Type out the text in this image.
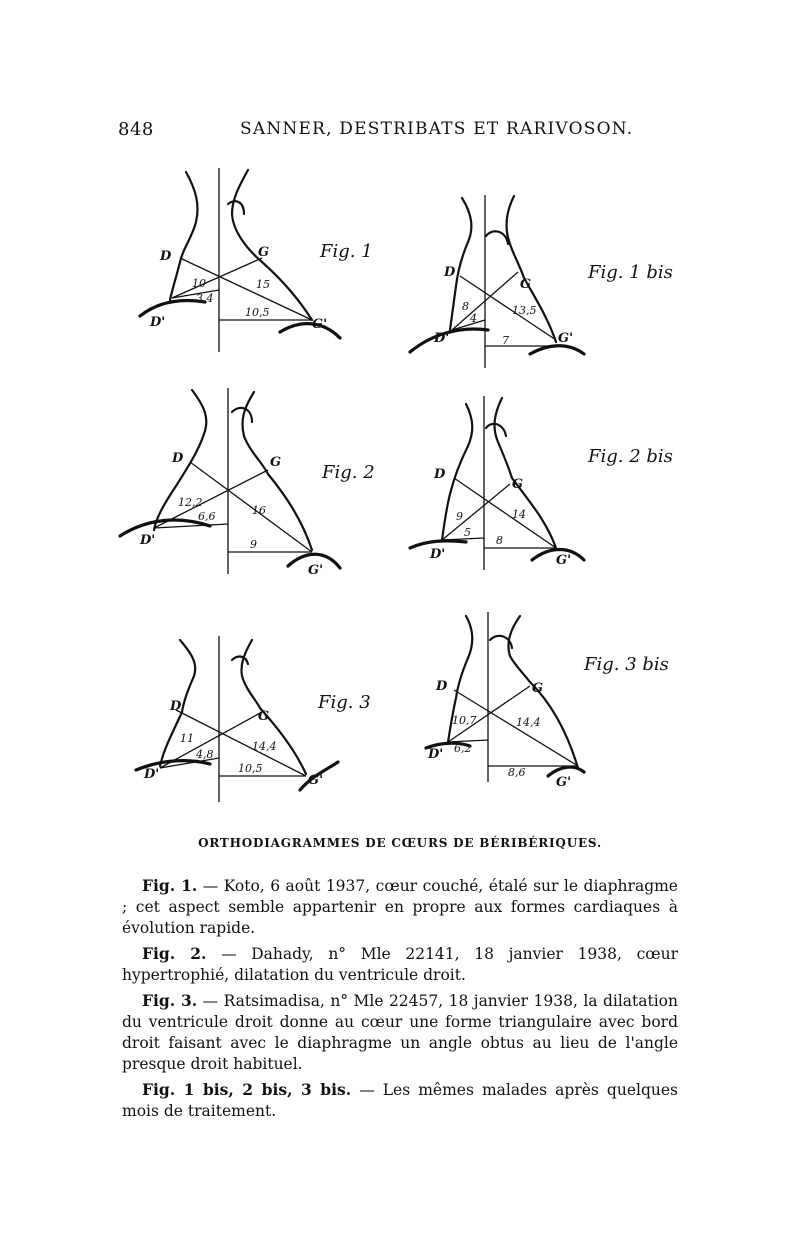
848	SANNER, DESTRIBATS ET RARIVOSON.
D	G
D'	G'
10
3,4
15
10,5
Fig. 1
D
G
D'	G'
8
4
13,5
7
Fig. 1 bis
D	G
D'
G'
12,2
6,6	16
9
Fig. 2	D
G
D'	G'
9
5
14
8
Fig. 2 bis
D
G
D'	G'
11
4,8
14,4
10,5
Fig. 3
D	G
D'
G'
10,7
6,2
14,4
8,6
Fig. 3 bis
ORTHODIAGRAMMES DE CŒURS DE BÉRIBÉRIQUES.

Fig. 1. — Koto, 6 août 1937, cœur couché, étalé sur le diaphragme ; cet aspect semble appartenir en propre aux formes cardiaques à évolution rapide.

Fig. 2. — Dahady, n° Mle 22141, 18 janvier 1938, cœur hypertrophié, dilatation du ventricule droit.

Fig. 3. — Ratsimadisa, n° Mle 22457, 18 janvier 1938, la dilatation du ventricule droit donne au cœur une forme triangulaire avec bord droit faisant avec le diaphragme un angle obtus au lieu de l'angle presque droit habituel.

Fig. 1 bis, 2 bis, 3 bis. — Les mêmes malades après quelques mois de traitement.
